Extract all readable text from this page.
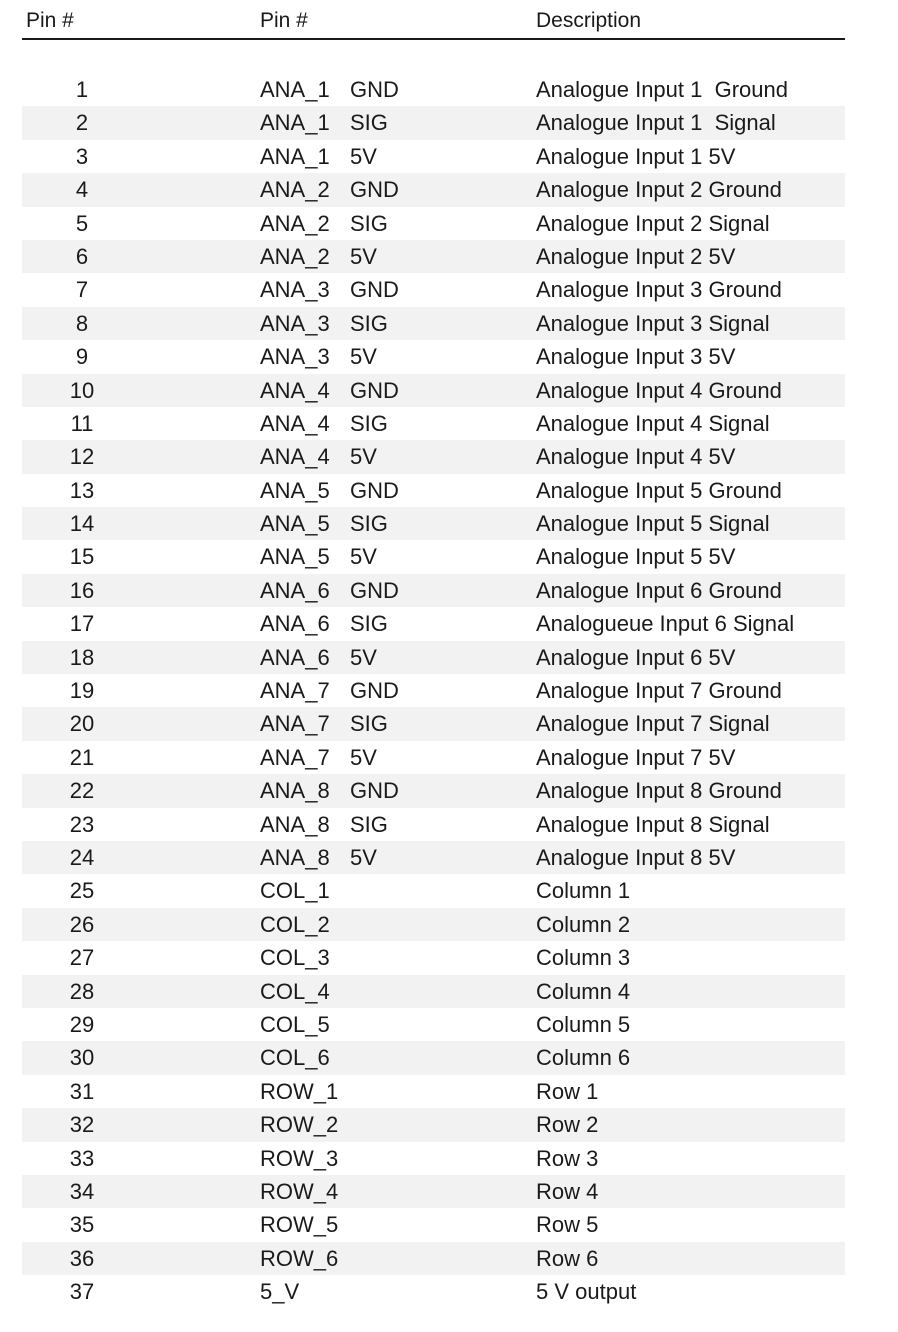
Pin #	Pin #	Description
1	ANA_1 GND	Analogue Input 1  Ground
2	ANA_1 SIG	Analogue Input 1  Signal
3	ANA_1 5V	Analogue Input 1 5V
4	ANA_2 GND	Analogue Input 2 Ground
5	ANA_2 SIG	Analogue Input 2 Signal
6	ANA_2 5V	Analogue Input 2 5V
7	ANA_3 GND	Analogue Input 3 Ground
8	ANA_3 SIG	Analogue Input 3 Signal
9	ANA_3 5V	Analogue Input 3 5V
10	ANA_4 GND	Analogue Input 4 Ground
11	ANA_4 SIG	Analogue Input 4 Signal
12	ANA_4 5V	Analogue Input 4 5V
13	ANA_5 GND	Analogue Input 5 Ground
14	ANA_5 SIG	Analogue Input 5 Signal
15	ANA_5 5V	Analogue Input 5 5V
16	ANA_6 GND	Analogue Input 6 Ground
17	ANA_6 SIG	Analogueue Input 6 Signal
18	ANA_6 5V	Analogue Input 6 5V
19	ANA_7 GND	Analogue Input 7 Ground
20	ANA_7 SIG	Analogue Input 7 Signal
21	ANA_7 5V	Analogue Input 7 5V
22	ANA_8 GND	Analogue Input 8 Ground
23	ANA_8 SIG	Analogue Input 8 Signal
24	ANA_8 5V	Analogue Input 8 5V
25	COL_1	Column 1
26	COL_2	Column 2
27	COL_3	Column 3
28	COL_4	Column 4
29	COL_5	Column 5
30	COL_6	Column 6
31	ROW_1	Row 1
32	ROW_2	Row 2
33	ROW_3	Row 3
34	ROW_4	Row 4
35	ROW_5	Row 5
36	ROW_6	Row 6
37	5_V	5 V output
